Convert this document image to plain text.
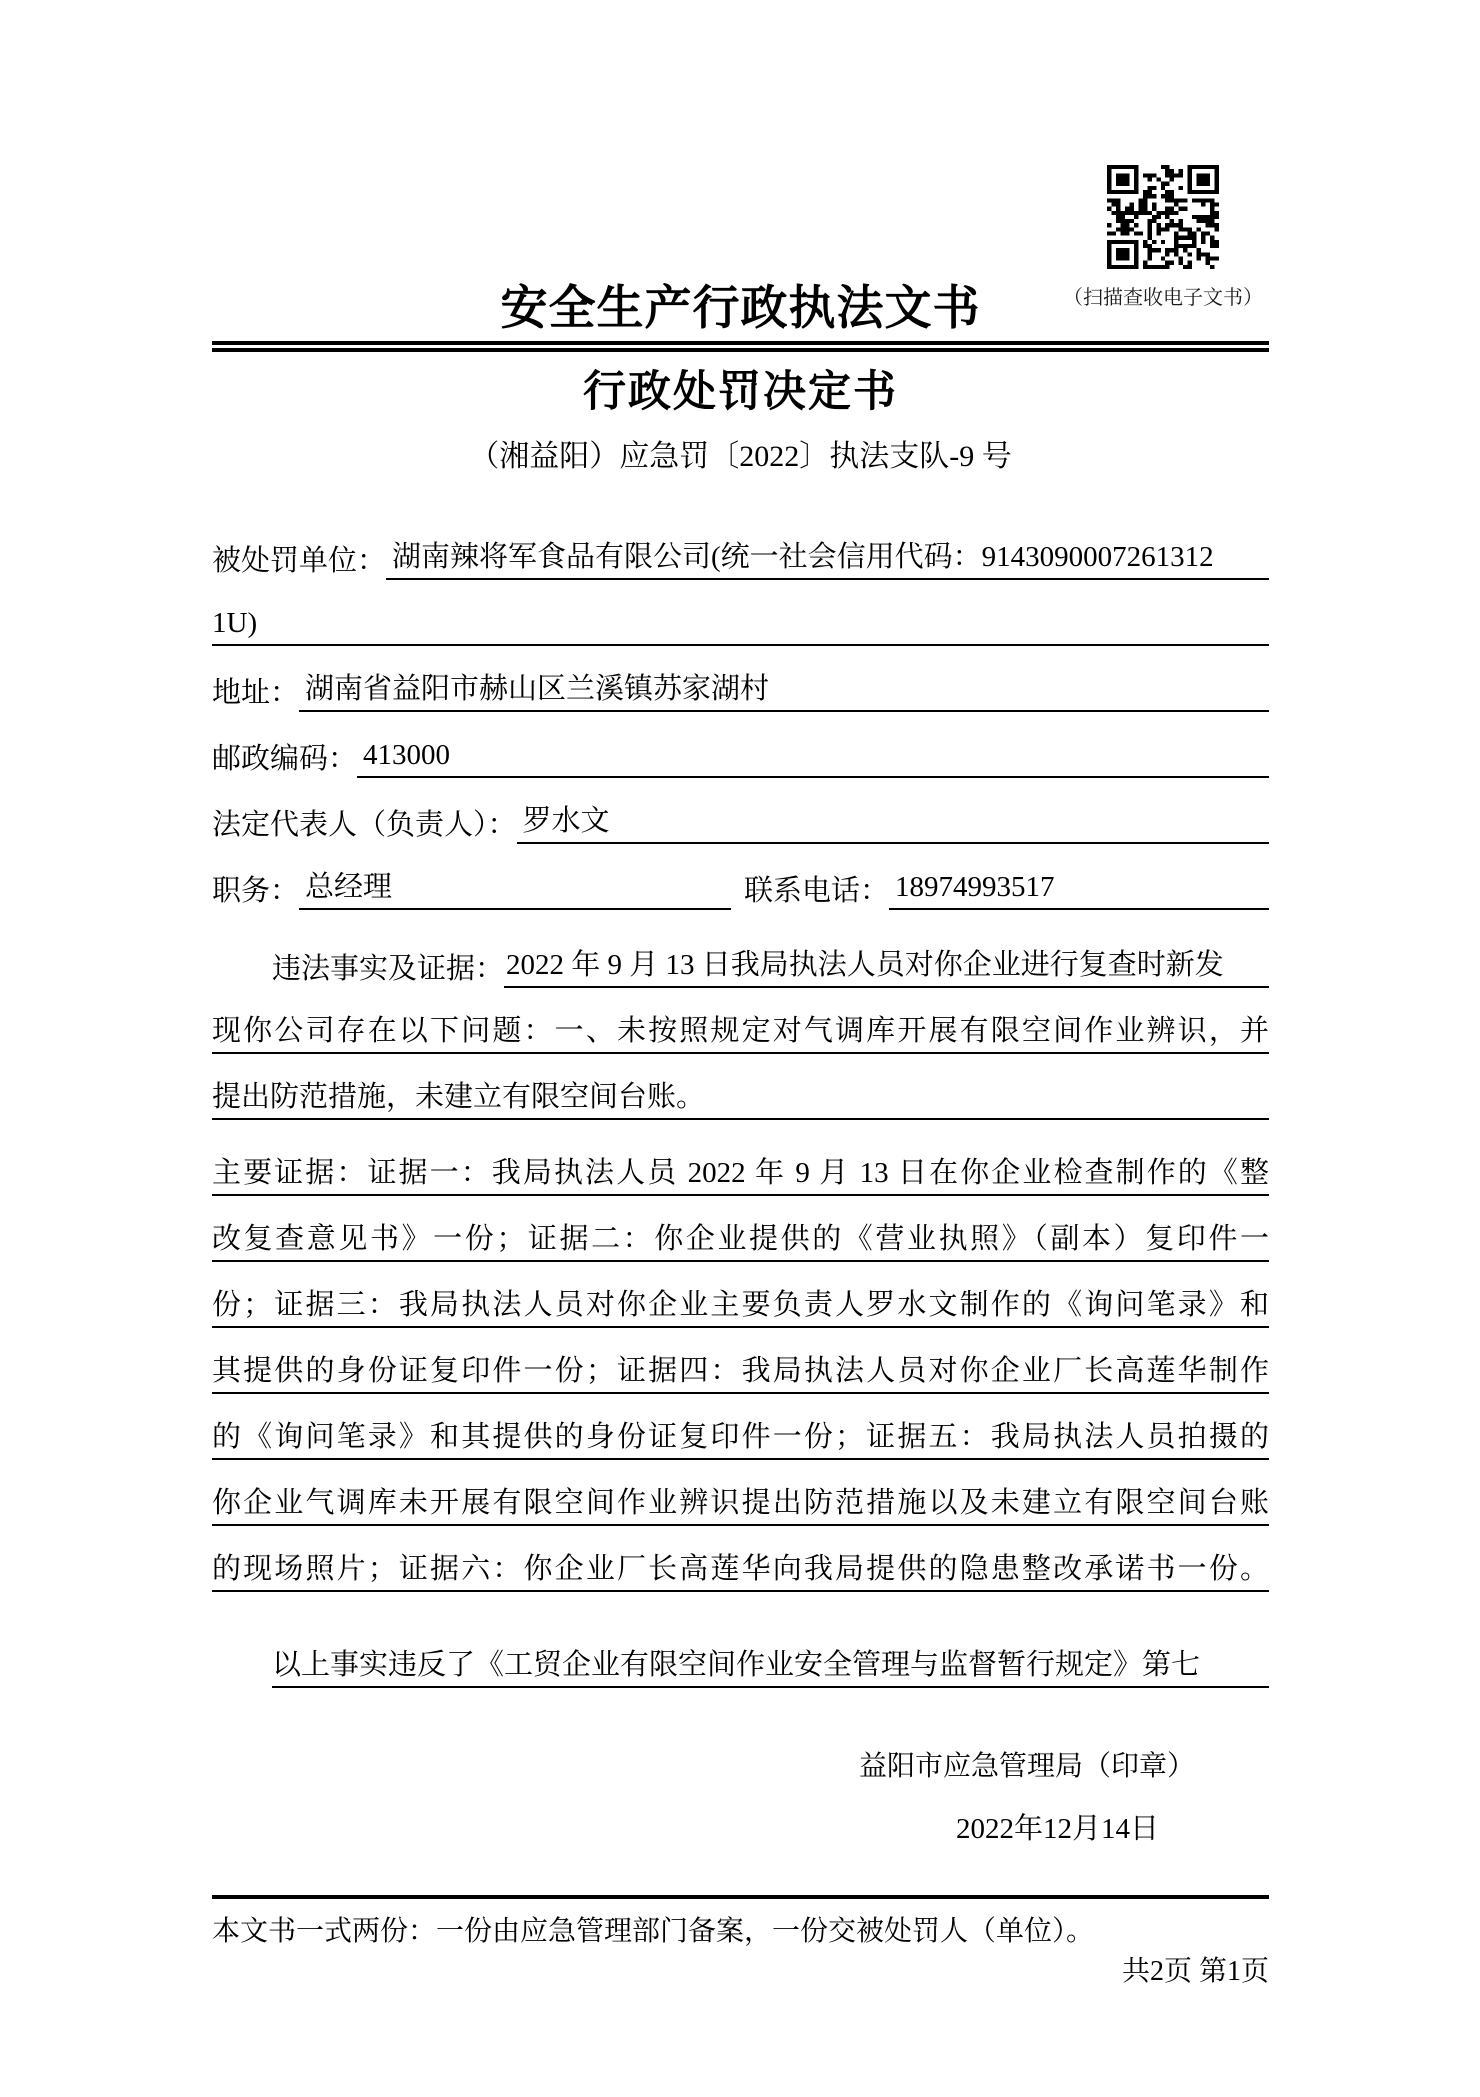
（扫描查收电子文书）
安全生产行政执法文书
行政处罚决定书
（湘益阳）应急罚〔2022〕执法支队-9 号
被处罚单位： 湖南辣将军食品有限公司(统一社会信用代码：9143090007261312
1U)
地址： 湖南省益阳市赫山区兰溪镇苏家湖村
邮政编码： 413000
法定代表人（负责人）： 罗水文
职务： 总经理	联系电话： 18974993517
违法事实及证据： 2022 年 9 月 13 日我局执法人员对你企业进行复查时新发
现你公司存在以下问题：一、未按照规定对气调库开展有限空间作业辨识，并
提出防范措施，未建立有限空间台账。
主要证据：证据一：我局执法人员 2022 年 9 月 13 日在你企业检查制作的《整
改复查意见书》一份；证据二：你企业提供的《营业执照》（副本）复印件一
份；证据三：我局执法人员对你企业主要负责人罗水文制作的《询问笔录》和
其提供的身份证复印件一份；证据四：我局执法人员对你企业厂长高莲华制作
的《询问笔录》和其提供的身份证复印件一份；证据五：我局执法人员拍摄的
你企业气调库未开展有限空间作业辨识提出防范措施以及未建立有限空间台账
的现场照片；证据六：你企业厂长高莲华向我局提供的隐患整改承诺书一份。
以上事实违反了《工贸企业有限空间作业安全管理与监督暂行规定》第七
益阳市应急管理局（印章）
2022年12月14日
本文书一式两份：一份由应急管理部门备案，一份交被处罚人（单位）。
共2页 第1页
